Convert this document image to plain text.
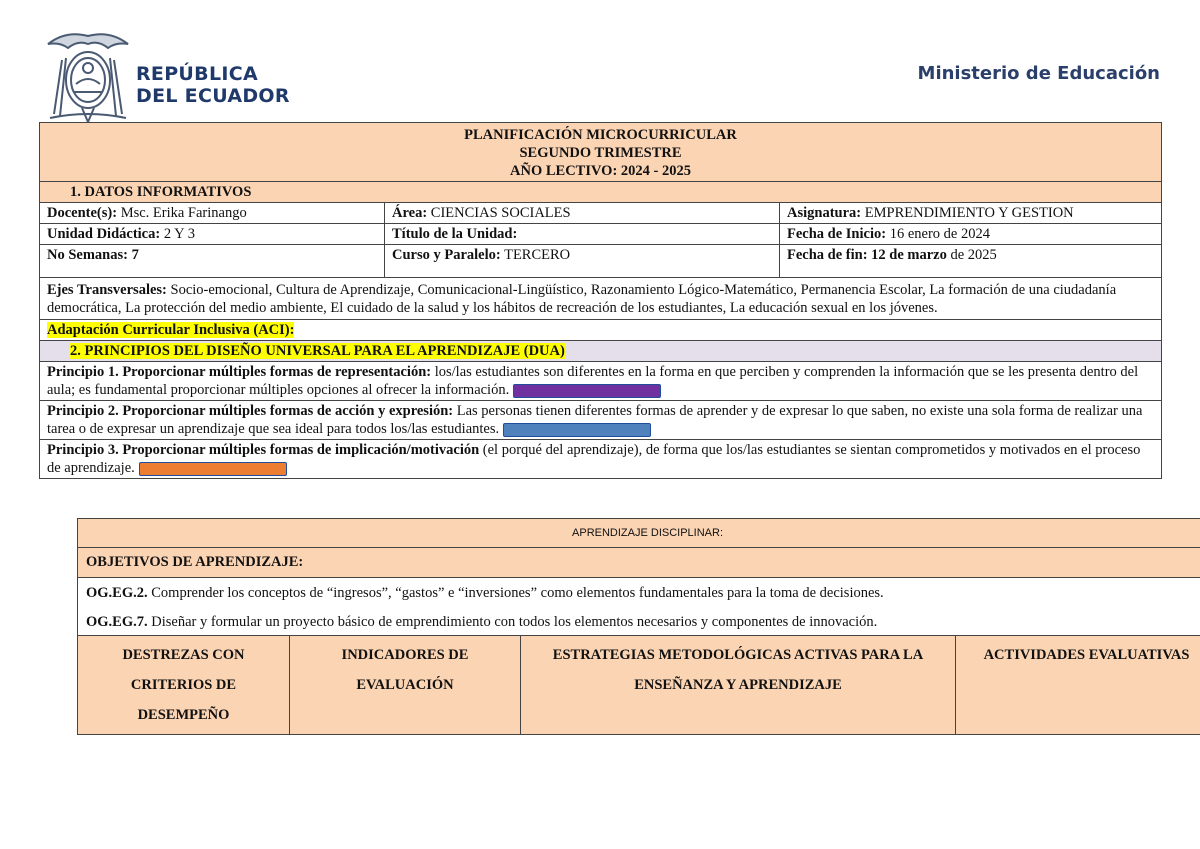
REPÚBLICA
DEL ECUADOR
Ministerio de Educación
PLANIFICACIÓN MICROCURRICULAR
SEGUNDO TRIMESTRE
AÑO LECTIVO: 2024 - 2025		

1. DATOS INFORMATIVOS		
Docente(s): Msc. Erika Farinango	Área: CIENCIAS SOCIALES	Asignatura: EMPRENDIMIENTO Y GESTION
Unidad Didáctica: 2 Y 3	Título de la Unidad:	Fecha de Inicio: 16 enero de 2024
No Semanas: 7	Curso y Paralelo: TERCERO	Fecha de fin: 12 de marzo de 2025
Ejes Transversales: Socio-emocional, Cultura de Aprendizaje, Comunicacional-Lingüístico, Razonamiento Lógico-Matemático, Permanencia Escolar, La formación de una ciudadanía democrática, La protección del medio ambiente, El cuidado de la salud y los hábitos de recreación de los estudiantes, La educación sexual en los jóvenes.		
Adaptación Curricular Inclusiva (ACI):		
2. PRINCIPIOS DEL DISEÑO UNIVERSAL PARA EL APRENDIZAJE (DUA)		
Principio 1. Proporcionar múltiples formas de representación: los/las estudiantes son diferentes en la forma en que perciben y comprenden la información que se les presenta dentro del aula; es fundamental proporcionar múltiples opciones al ofrecer la información.		
Principio 2. Proporcionar múltiples formas de acción y expresión: Las personas tienen diferentes formas de aprender y de expresar lo que saben, no existe una sola forma de realizar una tarea o de expresar un aprendizaje que sea ideal para todos los/las estudiantes.		
Principio 3. Proporcionar múltiples formas de implicación/motivación (el porqué del aprendizaje), de forma que los/las estudiantes se sientan comprometidos y motivados en el proceso de aprendizaje.		
APRENDIZAJE DISCIPLINAR:
OBJETIVOS DE APRENDIZAJE:

OG.EG.2. Comprender los conceptos de “ingresos”, “gastos” e “inversiones” como elementos fundamentales para la toma de decisiones.
OG.EG.7. Diseñar y formular un proyecto básico de emprendimiento con todos los elementos necesarios y componentes de innovación.

DESTREZAS CON CRITERIOS DE DESEMPEÑO	INDICADORES DE EVALUACIÓN	ESTRATEGIAS METODOLÓGICAS ACTIVAS PARA LA ENSEÑANZA Y APRENDIZAJE	ACTIVIDADES EVALUATIVAS
